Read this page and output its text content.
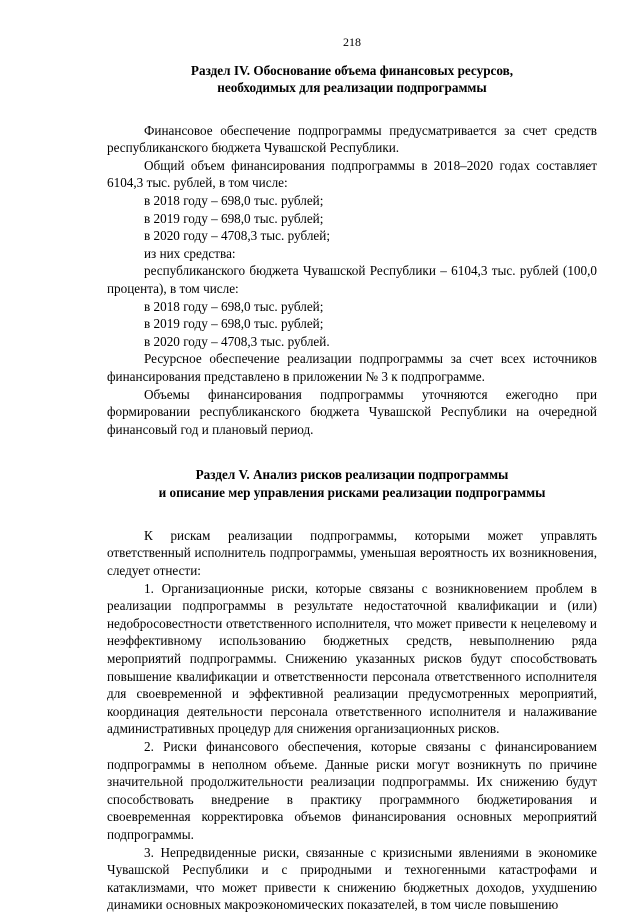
218
Раздел IV. Обоснование объема финансовых ресурсов,
необходимых для реализации подпрограммы

Финансовое обеспечение подпрограммы предусматривается за счет средств республиканского бюджета Чувашской Республики.

Общий объем финансирования подпрограммы в 2018–2020 годах составляет 6104,3 тыс. рублей, в том числе:

в 2018 году – 698,0 тыс. рублей;

в 2019 году – 698,0 тыс. рублей;

в 2020 году – 4708,3 тыс. рублей;

из них средства:

республиканского бюджета Чувашской Республики – 6104,3 тыс. рублей (100,0 процента), в том числе:

в 2018 году – 698,0 тыс. рублей;

в 2019 году – 698,0 тыс. рублей;

в 2020 году – 4708,3 тыс. рублей.

Ресурсное обеспечение реализации подпрограммы за счет всех источников финансирования представлено в приложении № 3 к подпрограмме.

Объемы финансирования подпрограммы уточняются ежегодно при формировании республиканского бюджета Чувашской Республики на очередной финансовый год и плановый период.

Раздел V. Анализ рисков реализации подпрограммы
и описание мер управления рисками реализации подпрограммы

К рискам реализации подпрограммы, которыми может управлять ответственный исполнитель подпрограммы, уменьшая вероятность их возникновения, следует отнести:

1. Организационные риски, которые связаны с возникновением проблем в реализации подпрограммы в результате недостаточной квалификации и (или) недобросовестности ответственного исполнителя, что может привести к нецелевому и неэффективному использованию бюджетных средств, невыполнению ряда мероприятий подпрограммы. Снижению указанных рисков будут способствовать повышение квалификации и ответственности персонала ответственного исполнителя для своевременной и эффективной реализации предусмотренных мероприятий, координация деятельности персонала ответственного исполнителя и налаживание административных процедур для снижения организационных рисков.

2. Риски финансового обеспечения, которые связаны с финансированием подпрограммы в неполном объеме. Данные риски могут возникнуть по причине значительной продолжительности реализации подпрограммы. Их снижению будут способствовать внедрение в практику программного бюджетирования и своевременная корректировка объемов финансирования основных мероприятий подпрограммы.

3. Непредвиденные риски, связанные с кризисными явлениями в экономике Чувашской Республики и с природными и техногенными катастрофами и катаклизмами, что может привести к снижению бюджетных доходов, ухудшению динамики основных макроэкономических показателей, в том числе повышению
